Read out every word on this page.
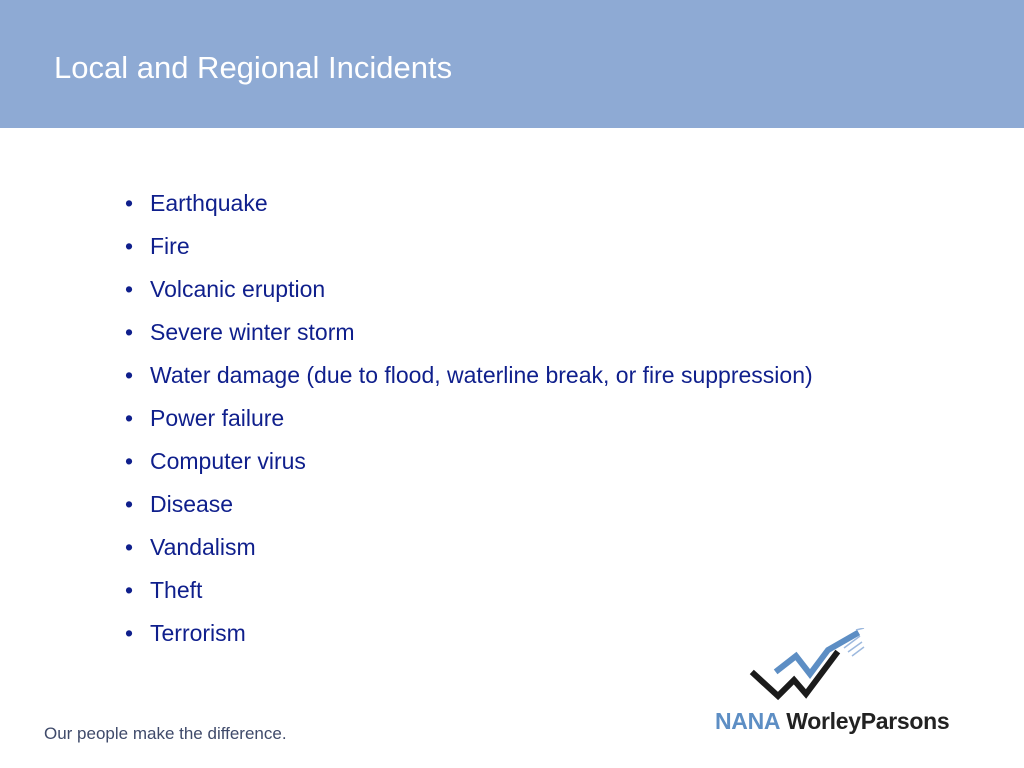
Local and Regional Incidents
• Earthquake
• Fire
• Volcanic eruption
• Severe winter storm
• Water damage (due to flood, waterline break, or fire suppression)
• Power failure
• Computer virus
• Disease
• Vandalism
• Theft
• Terrorism
Our people make the difference.	NANA WorleyParsons
